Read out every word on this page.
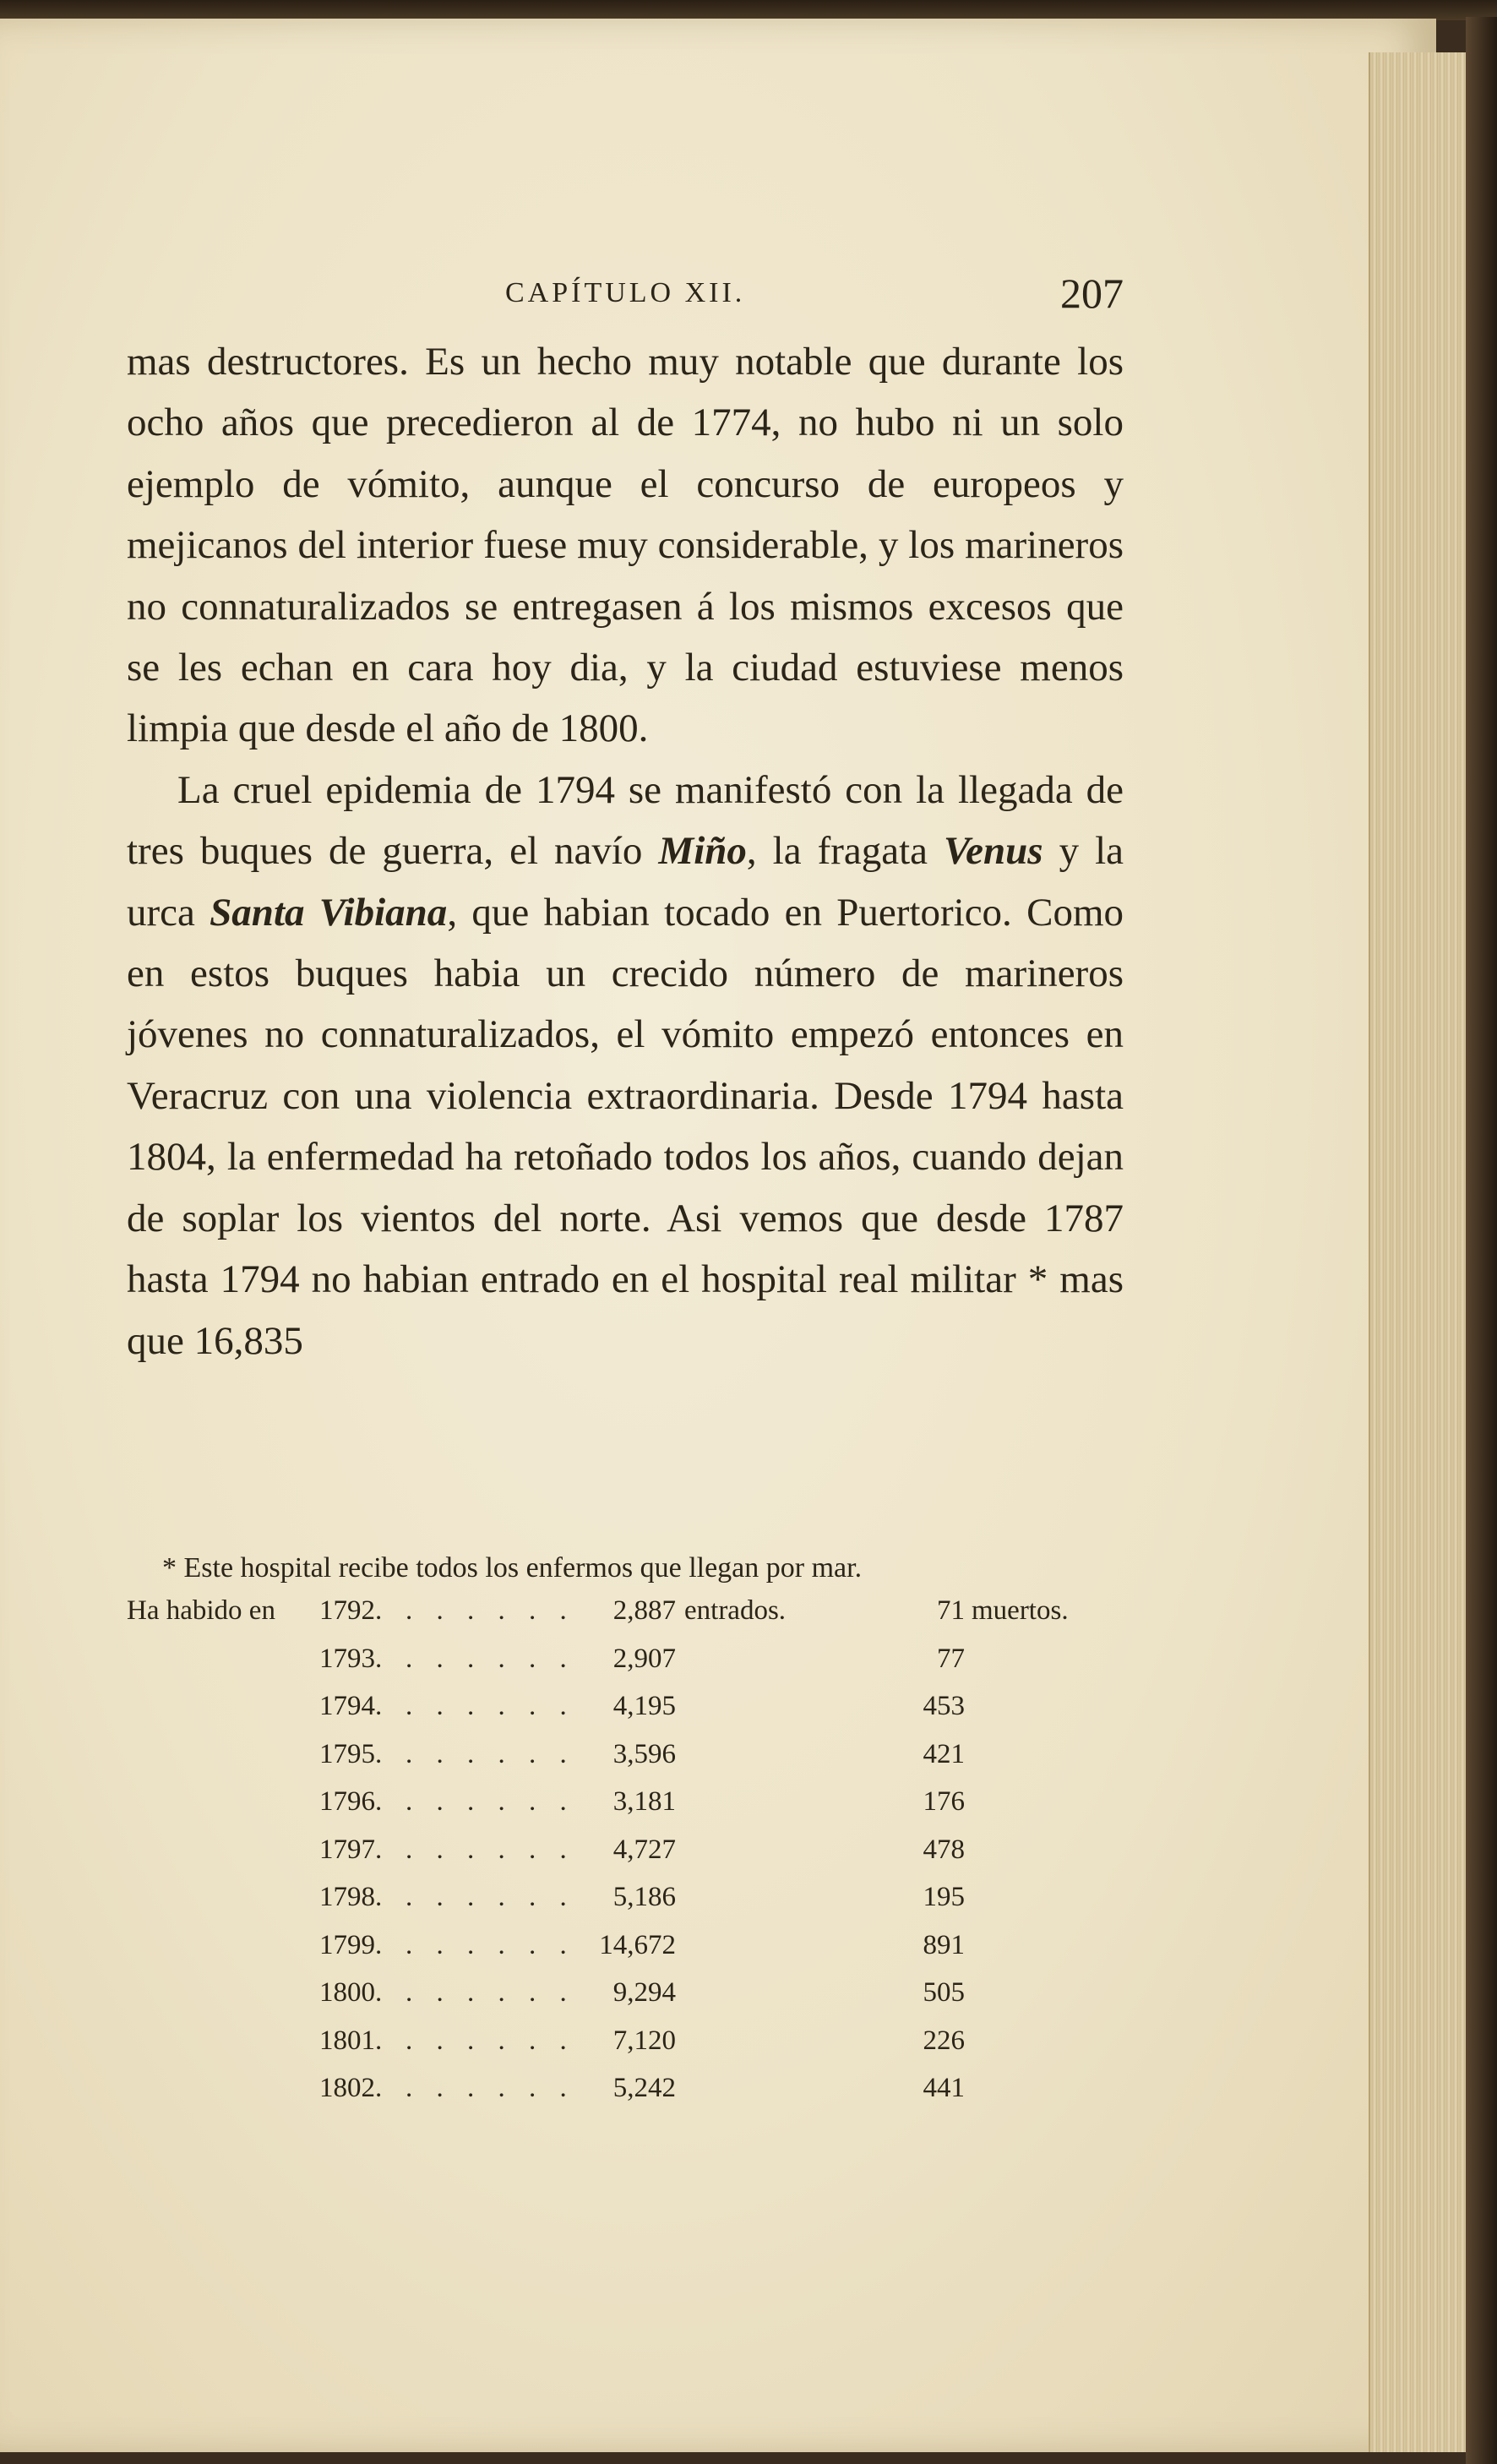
CAPÍTULO XII.	207

mas destructores. Es un hecho muy notable que durante los ocho años que precedieron al de 1774, no hubo ni un solo ejemplo de vómito, aunque el concurso de europeos y mejicanos del interior fuese muy considerable, y los marineros no connaturalizados se entregasen á los mismos excesos que se les echan en cara hoy dia, y la ciudad estuviese menos limpia que desde el año de 1800.

La cruel epidemia de 1794 se manifestó con la llegada de tres buques de guerra, el navío Miño, la fragata Venus y la urca Santa Vibiana, que habian tocado en Puertorico. Como en estos buques habia un crecido número de marineros jóvenes no connaturalizados, el vómito empezó entonces en Veracruz con una violencia extraordinaria. Desde 1794 hasta 1804, la enfermedad ha retoñado todos los años, cuando dejan de soplar los vientos del norte. Asi vemos que desde 1787 hasta 1794 no habian entrado en el hospital real militar * mas que 16,835

* Este hospital recibe todos los enfermos que llegan por mar.
Ha habido en 1792. . . . . . .	2,887 entrados.	71 muertos.
1793. . . . . . .	2,907	77
1794. . . . . . .	4,195	453
1795. . . . . . .	3,596	421
1796. . . . . . .	3,181	176
1797. . . . . . .	4,727	478
1798. . . . . . .	5,186	195
1799. . . . . . . 14,672	891
1800. . . . . . .	9,294	505
1801. . . . . . .	7,120	226
1802. . . . . . .	5,242	441
